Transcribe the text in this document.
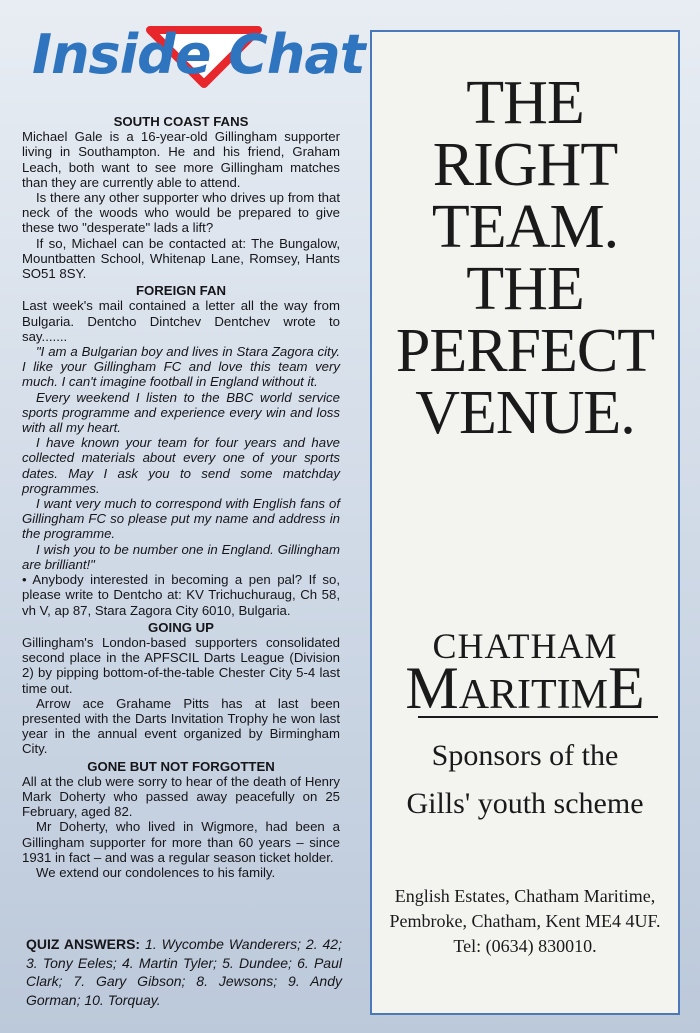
Inside Chat
SOUTH COAST FANS

Michael Gale is a 16-year-old Gillingham supporter living in Southampton. He and his friend, Graham Leach, both want to see more Gillingham matches than they are currently able to attend.

Is there any other supporter who drives up from that neck of the woods who would be prepared to give these two "desperate" lads a lift?

If so, Michael can be contacted at: The Bungalow, Mountbatten School, Whitenap Lane, Romsey, Hants SO51 8SY.

FOREIGN FAN

Last week's mail contained a letter all the way from Bulgaria. Dentcho Dintchev Dentchev wrote to say.......

"I am a Bulgarian boy and lives in Stara Zagora city. I like your Gillingham FC and love this team very much. I can't imagine football in England without it.

Every weekend I listen to the BBC world service sports programme and experience every win and loss with all my heart.

I have known your team for four years and have collected materials about every one of your sports dates. May I ask you to send some matchday programmes.

I want very much to correspond with English fans of Gillingham FC so please put my name and address in the programme.

I wish you to be number one in England. Gillingham are brilliant!"

• Anybody interested in becoming a pen pal? If so, please write to Dentcho at: KV Trichuchuraug, Ch 58, vh V, ap 87, Stara Zagora City 6010, Bulgaria.

GOING UP

Gillingham's London-based supporters consolidated second place in the APFSCIL Darts League (Division 2) by pipping bottom-of-the-table Chester City 5-4 last time out.

Arrow ace Grahame Pitts has at last been presented with the Darts Invitation Trophy he won last year in the annual event organized by Birmingham City.

GONE BUT NOT FORGOTTEN

All at the club were sorry to hear of the death of Henry Mark Doherty who passed away peacefully on 25 February, aged 82.

Mr Doherty, who lived in Wigmore, had been a Gillingham supporter for more than 60 years – since 1931 in fact – and was a regular season ticket holder.

We extend our condolences to his family.

QUIZ ANSWERS: 1. Wycombe Wanderers; 2. 42; 3. Tony Eeles; 4. Martin Tyler; 5. Dundee; 6. Paul Clark; 7. Gary Gibson; 8. Jewsons; 9. Andy Gorman; 10. Torquay.
THE
RIGHT
TEAM.
THE
PERFECT
VENUE.
CHATHAM
MARITIME
Sponsors of the
Gills' youth scheme
English Estates, Chatham Maritime,
Pembroke, Chatham, Kent ME4 4UF.
Tel: (0634) 830010.
